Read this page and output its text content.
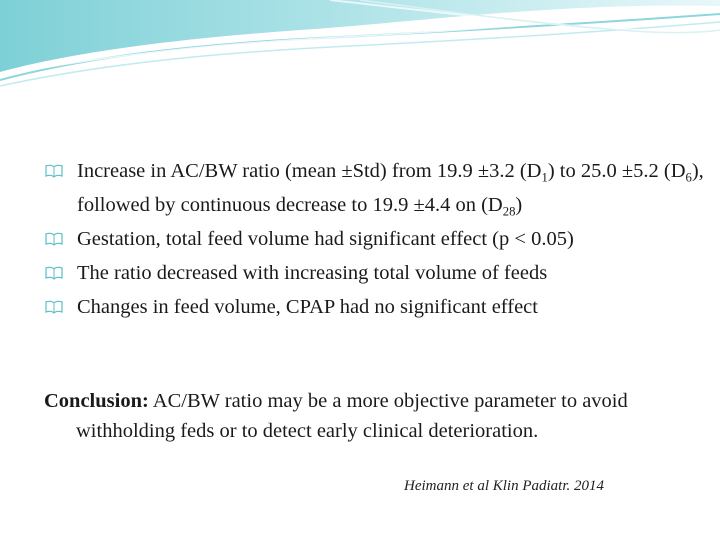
Increase in AC/BW ratio (mean ±Std) from 19.9 ±3.2 $(D_1)$ to 25.0 ±5.2 $(D_6)$, followed by continuous decrease to 19.9 ±4.4 on $(D_{28})$
Gestation, total feed volume had significant effect (p < 0.05)
The ratio decreased with increasing total volume of feeds
Changes in feed volume, CPAP had no significant effect
Conclusion: AC/BW ratio may be a more objective parameter to avoid withholding feds or to detect early clinical deterioration.
Heimann et al Klin Padiatr. 2014
